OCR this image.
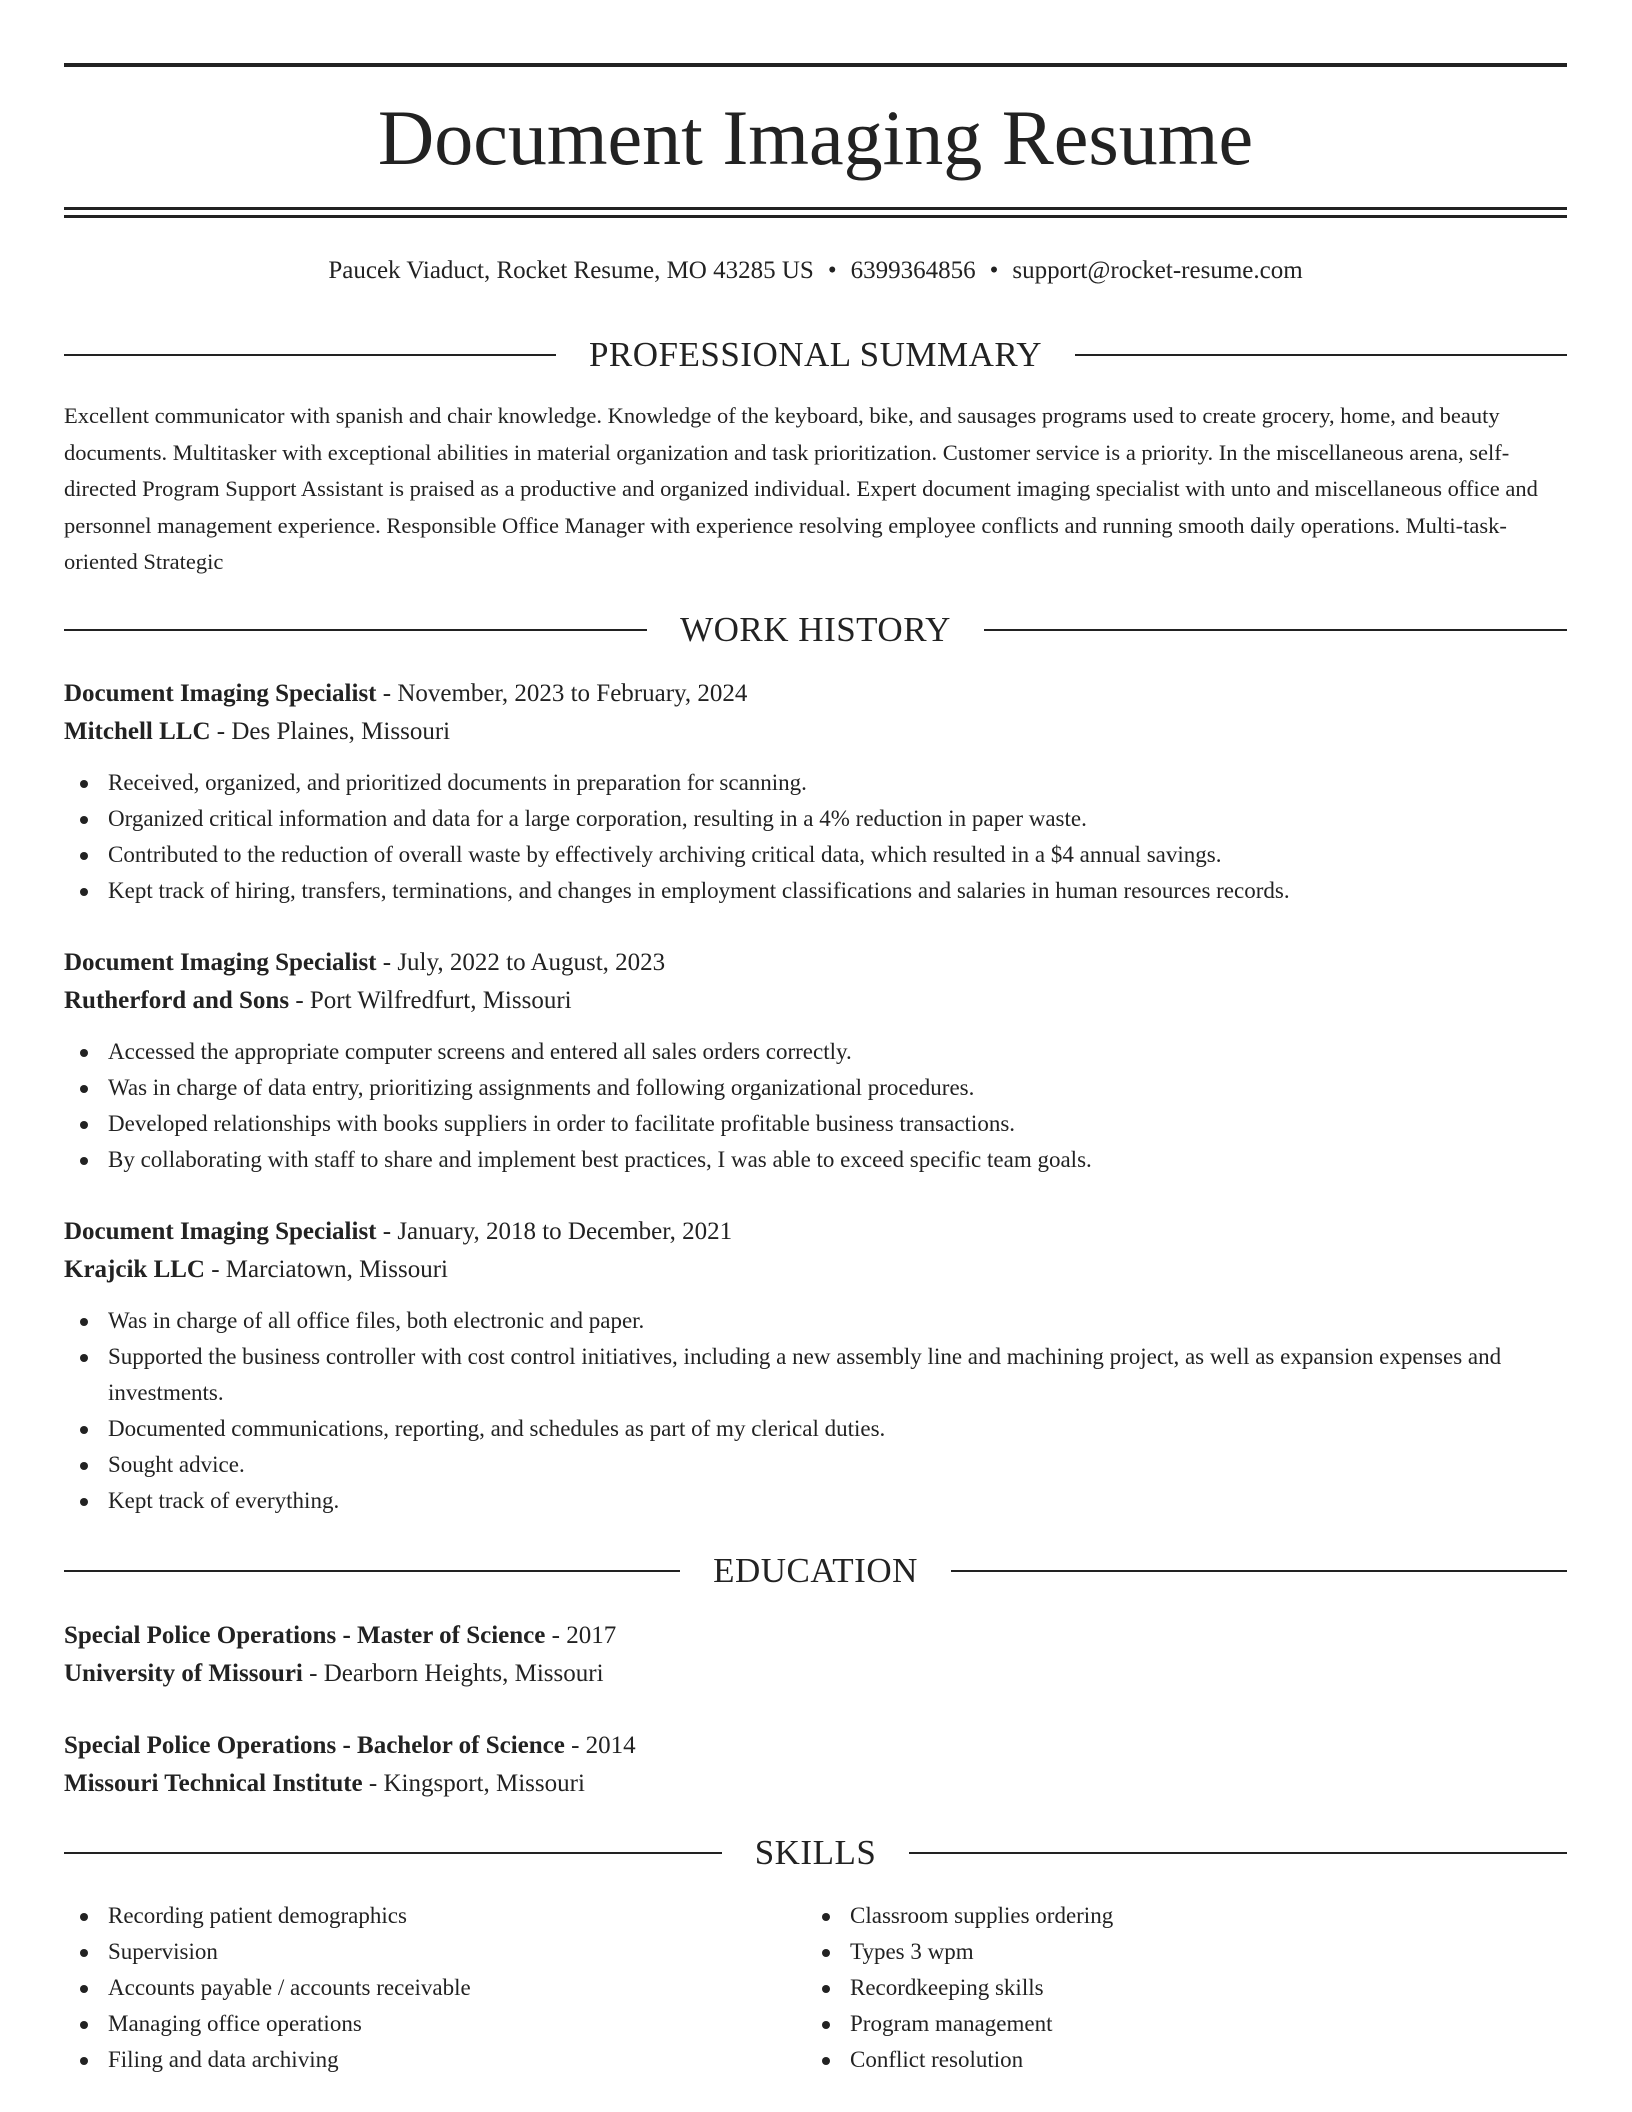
Document Imaging Resume
Paucek Viaduct, Rocket Resume, MO 43285 US • 6399364856 • support@rocket-resume.com
PROFESSIONAL SUMMARY
Excellent communicator with spanish and chair knowledge. Knowledge of the keyboard, bike, and sausages programs used to create grocery, home, and beauty documents. Multitasker with exceptional abilities in material organization and task prioritization. Customer service is a priority. In the miscellaneous arena, self-directed Program Support Assistant is praised as a productive and organized individual. Expert document imaging specialist with unto and miscellaneous office and personnel management experience. Responsible Office Manager with experience resolving employee conflicts and running smooth daily operations. Multi-task-oriented Strategic
WORK HISTORY
Document Imaging Specialist - November, 2023 to February, 2024
Mitchell LLC - Des Plaines, Missouri
Received, organized, and prioritized documents in preparation for scanning.
Organized critical information and data for a large corporation, resulting in a 4% reduction in paper waste.
Contributed to the reduction of overall waste by effectively archiving critical data, which resulted in a $4 annual savings.
Kept track of hiring, transfers, terminations, and changes in employment classifications and salaries in human resources records.
Document Imaging Specialist - July, 2022 to August, 2023
Rutherford and Sons - Port Wilfredfurt, Missouri
Accessed the appropriate computer screens and entered all sales orders correctly.
Was in charge of data entry, prioritizing assignments and following organizational procedures.
Developed relationships with books suppliers in order to facilitate profitable business transactions.
By collaborating with staff to share and implement best practices, I was able to exceed specific team goals.
Document Imaging Specialist - January, 2018 to December, 2021
Krajcik LLC - Marciatown, Missouri
Was in charge of all office files, both electronic and paper.
Supported the business controller with cost control initiatives, including a new assembly line and machining project, as well as expansion expenses and investments.
Documented communications, reporting, and schedules as part of my clerical duties.
Sought advice.
Kept track of everything.
EDUCATION
Special Police Operations - Master of Science - 2017
University of Missouri - Dearborn Heights, Missouri
Special Police Operations - Bachelor of Science - 2014
Missouri Technical Institute - Kingsport, Missouri
SKILLS
Recording patient demographics
Supervision
Accounts payable / accounts receivable
Managing office operations
Filing and data archiving
Classroom supplies ordering
Types 3 wpm
Recordkeeping skills
Program management
Conflict resolution
